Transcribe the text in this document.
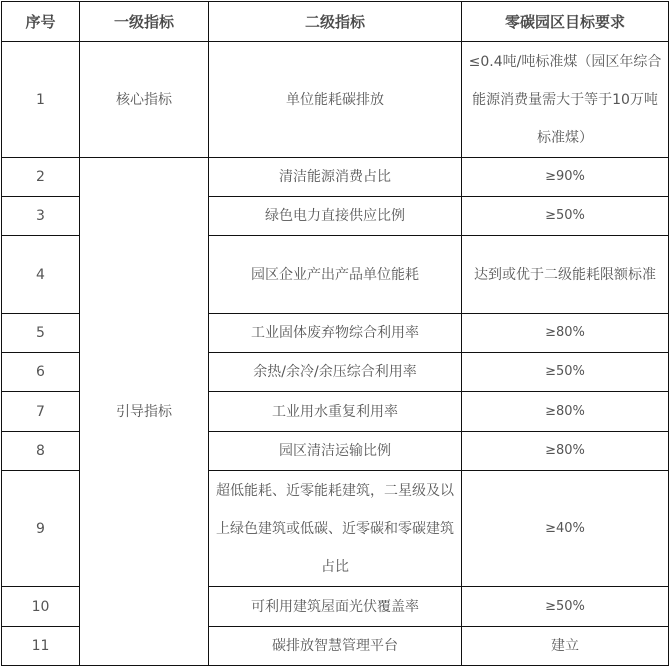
序号	一级指标	二级指标	零碳园区目标要求
1	核心指标	单位能耗碳排放	≤0.4吨/吨标准煤（园区年综合能源消费量需大于等于10万吨标准煤）
2	引导指标	清洁能源消费占比	≥90%
3		绿色电力直接供应比例	≥50%
4		园区企业产出产品单位能耗	达到或优于二级能耗限额标准
5		工业固体废弃物综合利用率	≥80%
6		余热/余冷/余压综合利用率	≥50%
7		工业用水重复利用率	≥80%
8		园区清洁运输比例	≥80%
9		超低能耗、近零能耗建筑，二星级及以上绿色建筑或低碳、近零碳和零碳建筑占比	≥40%
10		可利用建筑屋面光伏覆盖率	≥50%
11		碳排放智慧管理平台	建立
